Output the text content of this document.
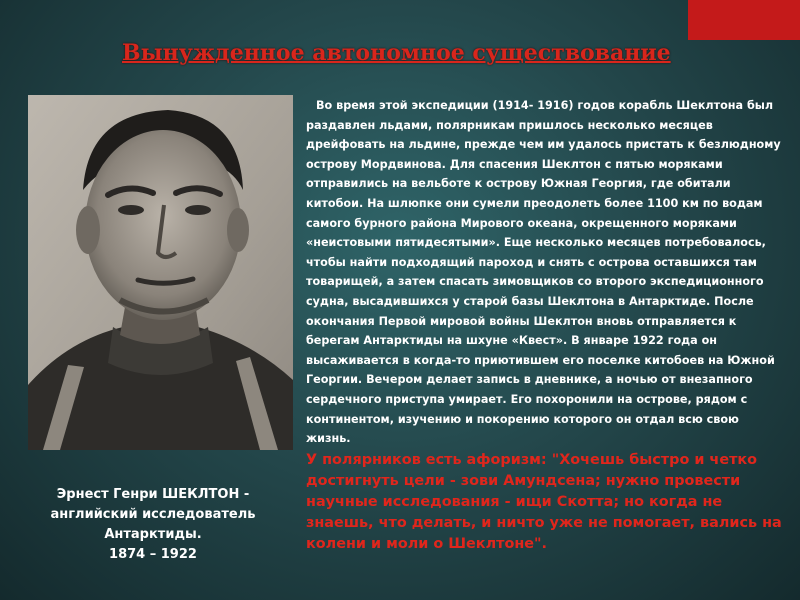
Вынужденное автономное существование

Во время этой экспедиции (1914- 1916) годов корабль Шеклтона был раздавлен льдами, полярникам пришлось несколько месяцев дрейфовать на льдине, прежде чем им удалось пристать к безлюдному острову Мордвинова. Для спасения Шеклтон с пятью моряками отправились на вельботе к острову Южная Георгия, где обитали китобои. На шлюпке они сумели преодолеть более 1100 км по водам самого бурного района Мирового океана, окрещенного моряками «неистовыми пятидесятыми». Еще несколько месяцев потребовалось, чтобы найти подходящий пароход и снять с острова оставшихся там товарищей, а затем спасать зимовщиков со второго экспедиционного судна, высадившихся у старой базы Шеклтона в Антарктиде. После окончания Первой мировой войны Шеклтон вновь отправляется к берегам Антарктиды на шхуне «Квест». В январе 1922 года он высаживается в когда-то приютившем его поселке китобоев на Южной Георгии. Вечером делает запись в дневнике, а ночью от внезапного сердечного приступа умирает. Его похоронили на острове, рядом с континентом, изучению и покорению которого он отдал всю свою жизнь.

У полярников есть афоризм: "Хочешь быстро и четко достигнуть цели - зови Амундсена; нужно провести научные исследования - ищи Скотта; но когда не знаешь, что делать, и ничто уже не помогает, вались на колени и моли о Шеклтоне".
Эрнест Генри ШЕКЛТОН -
английский исследователь
Антарктиды.
1874 – 1922
